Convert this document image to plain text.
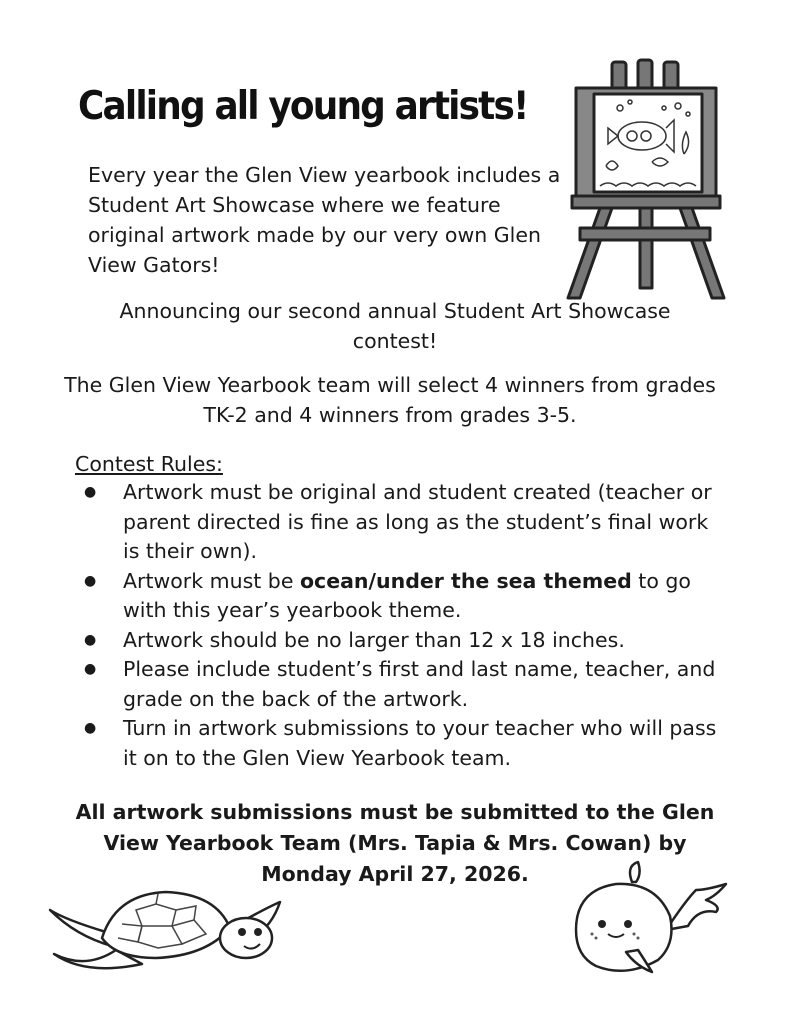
Calling all young artists!

Every year the Glen View yearbook includes a Student Art Showcase where we feature original artwork made by our very own Glen View Gators!

Announcing our second annual Student Art Showcase contest!

The Glen View Yearbook team will select 4 winners from grades TK-2 and 4 winners from grades 3-5.

Contest Rules:

● Artwork must be original and student created (teacher or parent directed is fine as long as the student’s final work is their own).
● Artwork must be ocean/under the sea themed to go with this year’s yearbook theme.
● Artwork should be no larger than 12 x 18 inches.
● Please include student’s first and last name, teacher, and grade on the back of the artwork.
● Turn in artwork submissions to your teacher who will pass it on to the Glen View Yearbook team.

All artwork submissions must be submitted to the Glen View Yearbook Team (Mrs. Tapia & Mrs. Cowan) by Monday April 27, 2026.
